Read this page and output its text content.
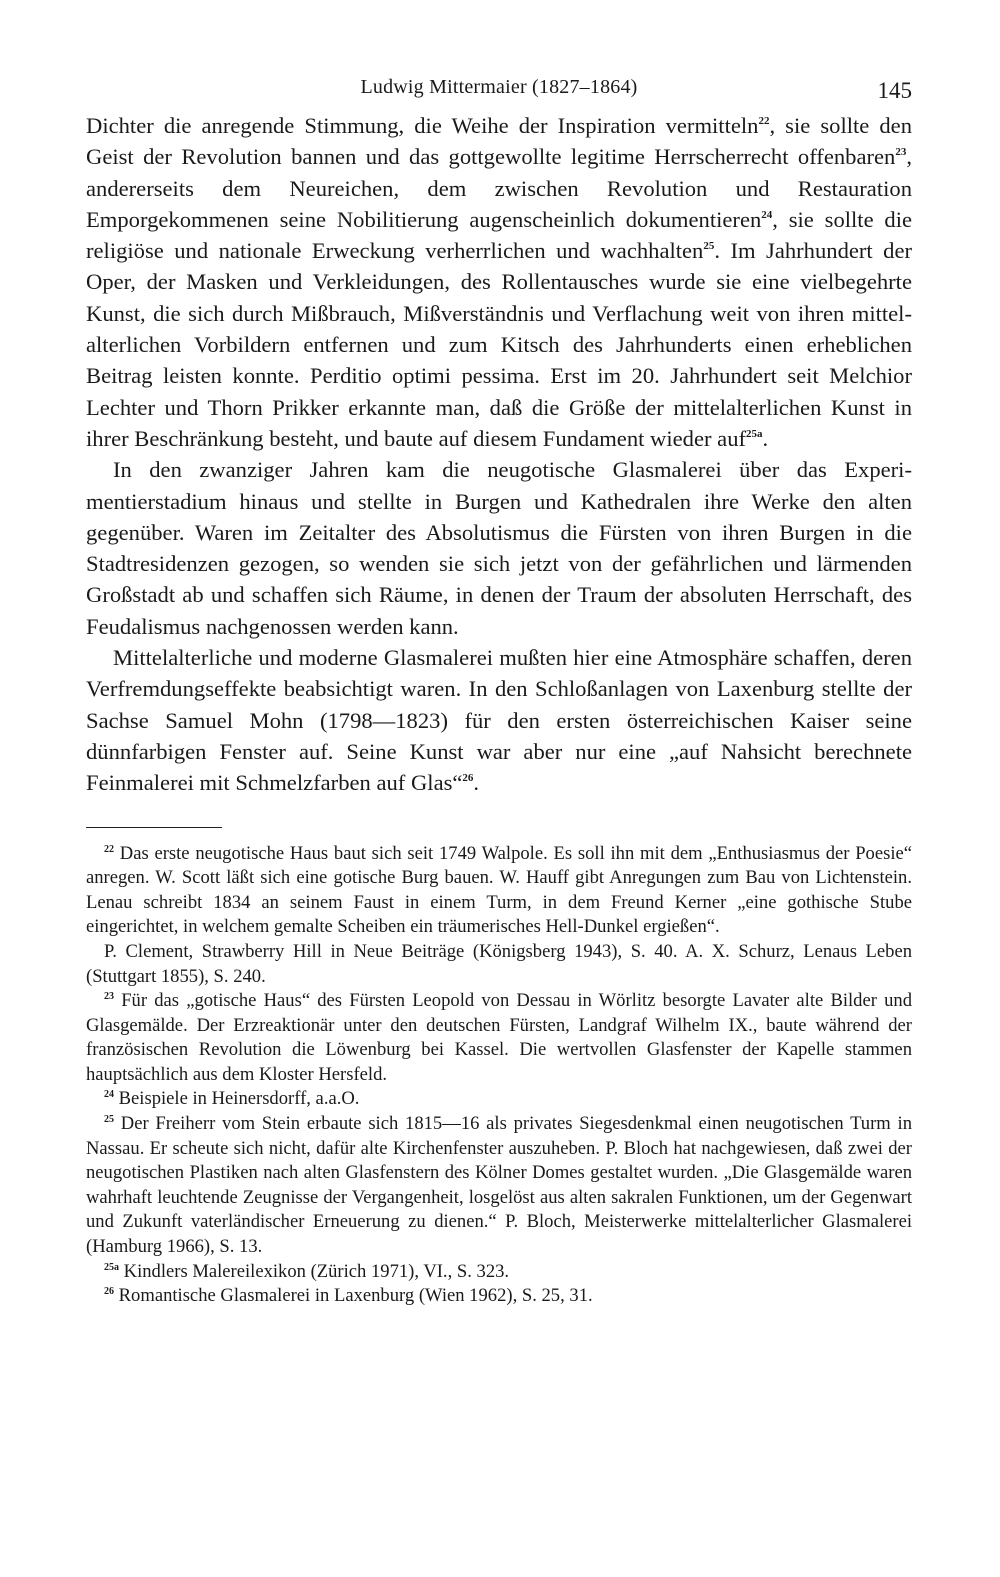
Ludwig Mittermaier (1827–1864)	145

Dichter die anregende Stimmung, die Weihe der Inspiration vermitteln$^{22}$, sie sollte den Geist der Revolution bannen und das gottgewollte legitime Herrscherrecht offenbaren$^{23}$, andererseits dem Neureichen, dem zwischen Revolution und Restauration Emporgekommenen seine Nobilitierung augenscheinlich dokumentieren$^{24}$, sie sollte die religiöse und nationale Erweckung verherrlichen und wachhalten$^{25}$. Im Jahrhundert der Oper, der Masken und Verkleidungen, des Rollentausches wurde sie eine vielbegehrte Kunst, die sich durch Mißbrauch, Mißverständnis und Verflachung weit von ihren mittelalterlichen Vorbildern entfernen und zum Kitsch des Jahrhunderts einen erheblichen Beitrag leisten konnte. Perditio optimi pessima. Erst im 20. Jahrhundert seit Melchior Lechter und Thorn Prikker erkannte man, daß die Größe der mittelalterlichen Kunst in ihrer Beschränkung besteht, und baute auf diesem Fundament wieder auf$^{25a}$.

In den zwanziger Jahren kam die neugotische Glasmalerei über das Experimentierstadium hinaus und stellte in Burgen und Kathedralen ihre Werke den alten gegenüber. Waren im Zeitalter des Absolutismus die Fürsten von ihren Burgen in die Stadtresidenzen gezogen, so wenden sie sich jetzt von der gefährlichen und lärmenden Großstadt ab und schaffen sich Räume, in denen der Traum der absoluten Herrschaft, des Feudalismus nachgenossen werden kann.

Mittelalterliche und moderne Glasmalerei mußten hier eine Atmosphäre schaffen, deren Verfremdungseffekte beabsichtigt waren. In den Schloßanlagen von Laxenburg stellte der Sachse Samuel Mohn (1798—1823) für den ersten österreichischen Kaiser seine dünnfarbigen Fenster auf. Seine Kunst war aber nur eine „auf Nahsicht berechnete Feinmalerei mit Schmelzfarben auf Glas“$^{26}$.

$^{22}$ Das erste neugotische Haus baut sich seit 1749 Walpole. Es soll ihn mit dem „Enthusiasmus der Poesie“ anregen. W. Scott läßt sich eine gotische Burg bauen. W. Hauff gibt Anregungen zum Bau von Lichtenstein. Lenau schreibt 1834 an seinem Faust in einem Turm, in dem Freund Kerner „eine gothische Stube eingerichtet, in welchem gemalte Scheiben ein träumerisches Hell-Dunkel ergießen“.

P. Clement, Strawberry Hill in Neue Beiträge (Königsberg 1943), S. 40. A. X. Schurz, Lenaus Leben (Stuttgart 1855), S. 240.

$^{23}$ Für das „gotische Haus“ des Fürsten Leopold von Dessau in Wörlitz besorgte Lavater alte Bilder und Glasgemälde. Der Erzreaktionär unter den deutschen Fürsten, Landgraf Wilhelm IX., baute während der französischen Revolution die Löwenburg bei Kassel. Die wertvollen Glasfenster der Kapelle stammen hauptsächlich aus dem Kloster Hersfeld.

$^{24}$ Beispiele in Heinersdorff, a.a.O.

$^{25}$ Der Freiherr vom Stein erbaute sich 1815—16 als privates Siegesdenkmal einen neugotischen Turm in Nassau. Er scheute sich nicht, dafür alte Kirchenfenster auszuheben. P. Bloch hat nachgewiesen, daß zwei der neugotischen Plastiken nach alten Glasfenstern des Kölner Domes gestaltet wurden. „Die Glasgemälde waren wahrhaft leuchtende Zeugnisse der Vergangenheit, losgelöst aus alten sakralen Funktionen, um der Gegenwart und Zukunft vaterländischer Erneuerung zu dienen.“ P. Bloch, Meisterwerke mittelalterlicher Glasmalerei (Hamburg 1966), S. 13.

$^{25a}$ Kindlers Malereilexikon (Zürich 1971), VI., S. 323.

$^{26}$ Romantische Glasmalerei in Laxenburg (Wien 1962), S. 25, 31.
